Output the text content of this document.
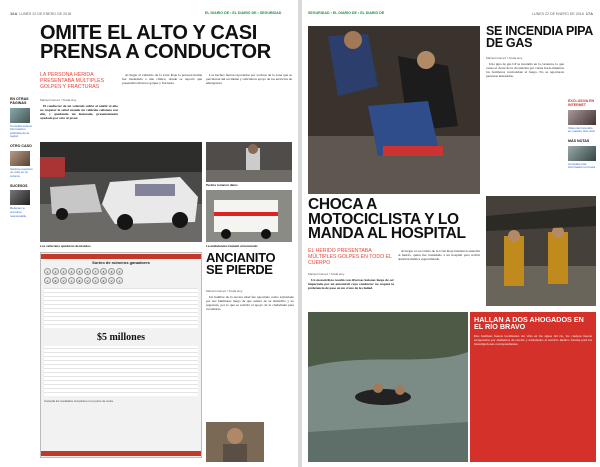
16A LUNES 22 DE ENERO DE 2018	EL DIARIO DE ▪ EL DIARIO DE ▪ SEGURIDAD
EN OTRAS PÁGINAS
Consulta toda la información policiaca de la región
OTRO CASO
Vecinos reportan un robo en la colonia
SUCESOS
Detienen a presunto responsable
OMITE EL ALTO Y CASI PRENSA A CONDUCTOR
LA PERSONA HERIDA PRESENTABA MÚLTIPLES GOLPES Y FRACTURAS
Marisol Gómez / Xcala Hoy

El conductor de un vehículo sufrió al omitir el alto no respetar la señal cuando un vehículo colisionó con ello, y quedando un lesionado, presuntamente ayudado por otro al joven.

Al llegar el vehículo de la Cruz Roja la persona herida fue trasladada a una clínica, donde se reportó que presentaba diversos golpes y fracturas.

Los hechos fueron reportados por vecinos de la zona que se percataron del accidente y solicitaron apoyo de los servicios de emergencia.

Los vehículos quedaron destruidos
Peritos tomaron datos
La ambulancia trasladó al lesionado
Sorteo de números ganadores
1	2	3	4	5	6	7	8	9	0
L	E	V	L	E	V	L	E	V	L
$5 millones
Consulta los resultados completos en tu punto de venta
ANCIANITO SE PIERDE
Marisol Gómez / Xcala Hoy

Un hombre de la tercera edad fue reportado como extraviado por sus familiares luego de que saliera de su domicilio y no regresara, por lo que se solicitó el apoyo de la ciudadanía para localizarlo.

SEGURIDAD ▪ EL DIARIO DE ▪ EL DIARIO DE	LUNES 22 DE ENERO DE 2018 17A
SE INCENDIA PIPA DE GAS
Marisol Gómez / Xcala Hoy

Una pipa de gas LP se incendió en la carretera, lo que causó el cierre de la circulación por varias horas mientras los bomberos controlaban el fuego. No se reportaron personas lesionadas.

EXCLUSIVA EN INTERNET
Video del incendio en nuestro sitio web
MÁS NOTAS
Consulta más información en línea
CHOCA A MOTOCICLISTA Y LO MANDA AL HOSPITAL
EL HERIDO PRESENTABA MÚLTIPLES GOLPES EN TODO EL CUERPO
Marisol Gómez / Xcala Hoy

Un motociclista resultó con diversas lesiones luego de ser impactado por un automóvil cuyo conductor no respetó la preferencia de paso en un cruce de la ciudad.

Al llegar el socorrista de la Cruz Roja brindaron atención al herido, quien fue trasladado a un hospital para recibir atención médica especializada.

HALLAN A DOS AHOGADOS EN EL RÍO BRAVO
Dos hombres fueron localizados sin vida en las aguas del río, los cuerpos fueron recuperados por elementos de rescate y trasladados al servicio médico forense para las investigaciones correspondientes.
